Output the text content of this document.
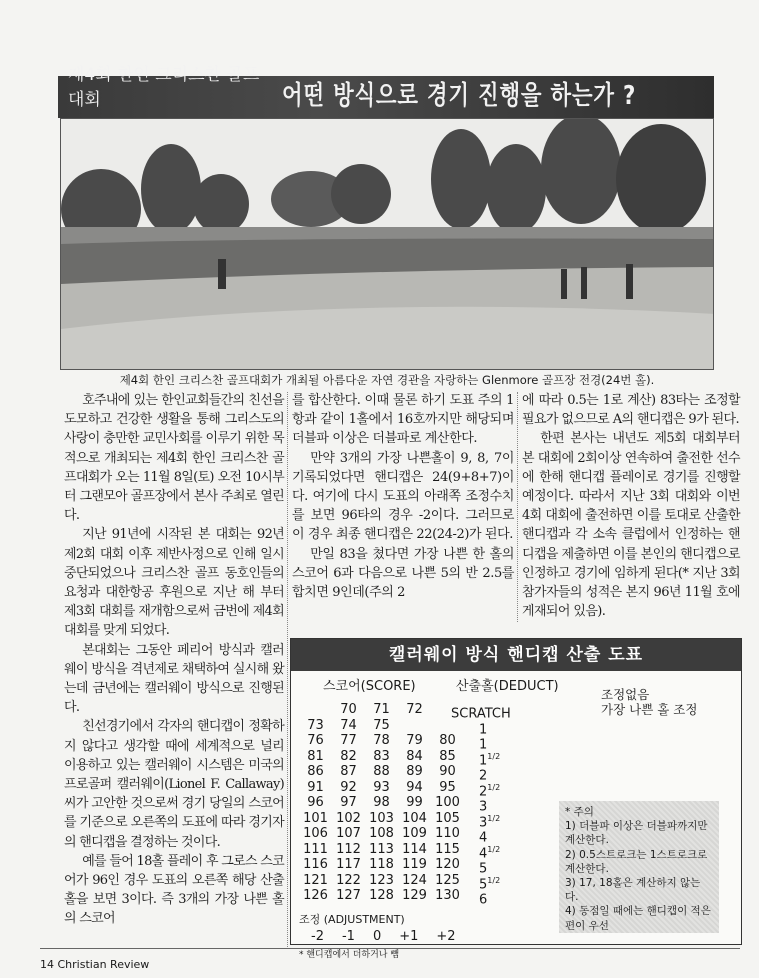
제4회 한인 크리스찬 골프대회	어떤 방식으로 경기 진행을 하는가 ?
제4회 한인 크리스찬 골프대회가 개최될 아름다운 자연 경관을 자랑하는 Glenmore 골프장 전경(24번 홀).

호주내에 있는 한인교회들간의 친선을 도모하고 건강한 생활을 통해 그리스도의 사랑이 충만한 교민사회를 이루기 위한 목적으로 개최되는 제4회 한인 크리스찬 골프대회가 오는 11월 8일(토) 오전 10시부터 그랜모아 골프장에서 본사 주최로 열린다.

지난 91년에 시작된 본 대회는 92년 제2회 대회 이후 제반사정으로 인해 일시 중단되었으나 크리스찬 골프 동호인들의 요청과 대한항공 후원으로 지난 해 부터 제3회 대회를 재개함으로써 금번에 제4회 대회를 맞게 되었다.

본대회는 그동안 페리어 방식과 캘러웨이 방식을 격년제로 채택하여 실시해 왔는데 금년에는 캘러웨이 방식으로 진행된다.

친선경기에서 각자의 핸디캡이 정확하지 않다고 생각할 때에 세계적으로 널리 이용하고 있는 캘러웨이 시스템은 미국의 프로골퍼 캘러웨이(Lionel F. Callaway)씨가 고안한 것으로써 경기 당일의 스코어를 기준으로 오른쪽의 도표에 따라 경기자의 핸디캡을 결정하는 것이다.

예를 들어 18홀 플레이 후 그로스 스코어가 96인 경우 도표의 오른쪽 해당 산출홀을 보면 3이다. 즉 3개의 가장 나쁜 홀의 스코어

를 합산한다. 이때 물론 하기 도표 주의 1항과 같이 1홀에서 16호까지만 해당되며 더블파 이상은 더블파로 계산한다.

만약 3개의 가장 나쁜홀이 9, 8, 7이 기록되었다면 핸디캡은 24(9+8+7)이다. 여기에 다시 도표의 아래쪽 조정수치를 보면 96타의 경우 -2이다. 그러므로 이 경우 최종 핸디캡은 22(24-2)가 된다.

만일 83을 쳤다면 가장 나쁜 한 홀의 스코어 6과 다음으로 나쁜 5의 반 2.5를 합치면 9인데(주의 2

에 따라 0.5는 1로 계산) 83타는 조정할 필요가 없으므로 A의 핸디캡은 9가 된다.

한편 본사는 내년도 제5회 대회부터 본 대회에 2회이상 연속하여 출전한 선수에 한해 핸디캡 플레이로 경기를 진행할 예정이다. 따라서 지난 3회 대회와 이번 4회 대회에 출전하면 이를 토대로 산출한 핸디캡과 각 소속 클럽에서 인정하는 핸디캡을 제출하면 이를 본인의 핸디캡으로 인정하고 경기에 임하게 된다(* 지난 3회 참가자들의 성적은 본지 96년 11월 호에 게재되어 있음).

캘러웨이 방식 핸디캡 산출 도표
스코어(SCORE)	산출홀(DEDUCT)
70	71	72	SCRATCH
73	74	75	1
76	77	78	79	80	1
81	82	83	84	85	$1^{1/2}$
86	87	88	89	90	2
91	92	93	94	95	$2^{1/2}$
96	97	98	99 100	3
101 102 103 104 105	$3^{1/2}$
106 107 108 109 110	4
111 112 113 114 115	$4^{1/2}$
116 117 118 119 120	5
121 122 123 124 125	$5^{1/2}$
126 127 128 129 130	6
조정없음
가장 나쁜 홀 조정
조정 (ADJUSTMENT)
-2 -1 0 +1 +2
* 핸디캡에서 더하거나 뺌
* 주의
1) 더블파 이상은 더블파까지만 계산한다.
2) 0.5스트로크는 1스트로크로 계산한다.
3) 17, 18홀은 계산하지 않는다.
4) 동점일 때에는 핸디캡이 적은 편이 우선
14 Christian Review
